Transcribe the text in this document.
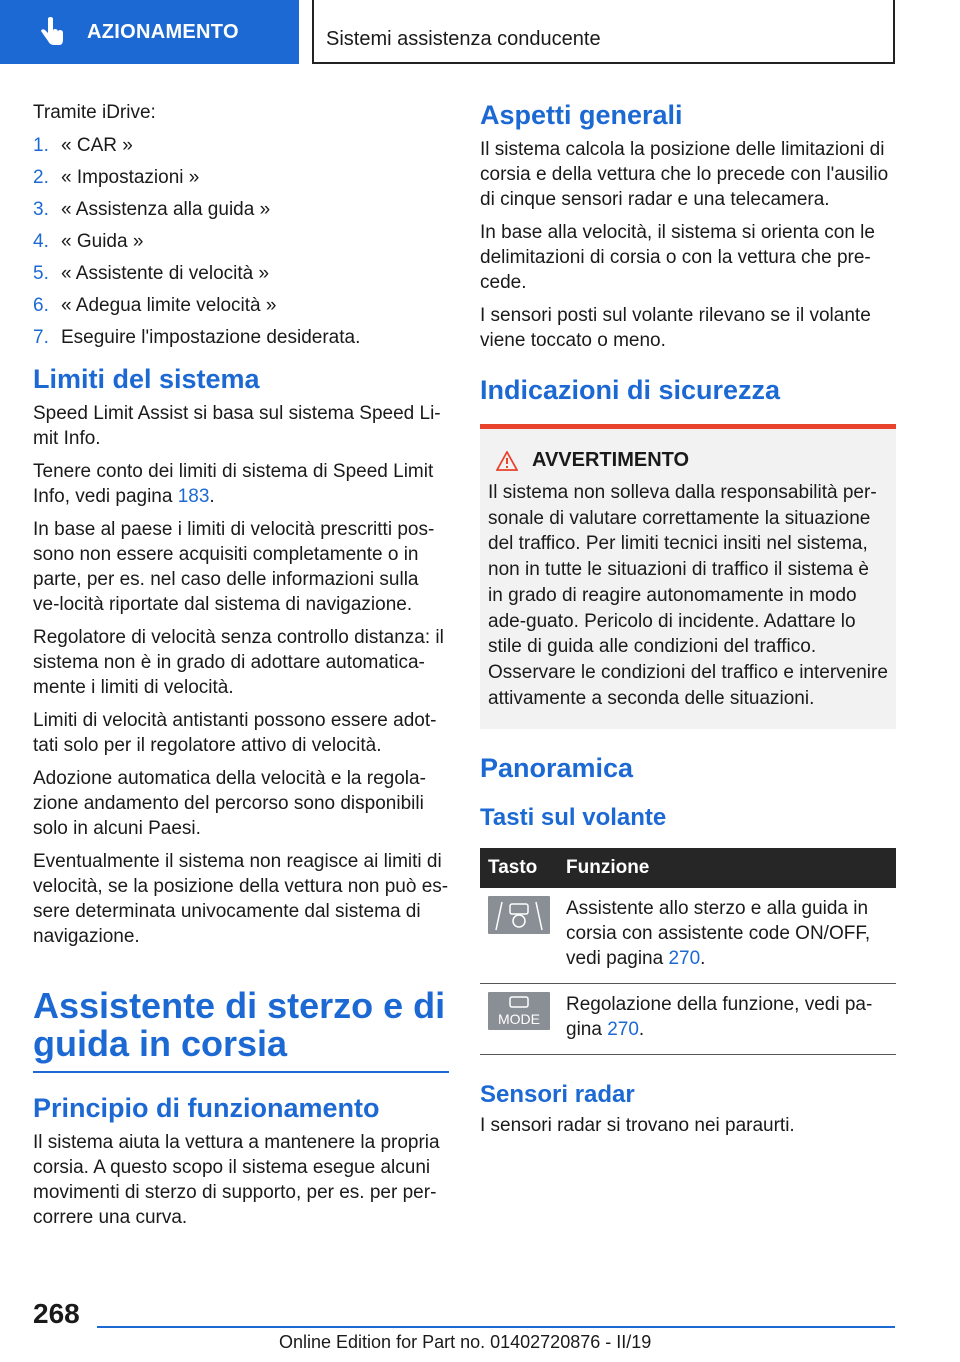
AZIONAMENTO	Sistemi assistenza conducente

Tramite iDrive:

1. « CAR »
2. « Impostazioni »
3. « Assistenza alla guida »
4. « Guida »
5. « Assistente di velocità »
6. « Adegua limite velocità »
7. Eseguire l'impostazione desiderata.
Limiti del sistema

Speed Limit Assist si basa sul sistema Speed Li-mit Info.

Tenere conto dei limiti di sistema di Speed Limit Info, vedi pagina 183.

In base al paese i limiti di velocità prescritti pos-sono non essere acquisiti completamente o in parte, per es. nel caso delle informazioni sulla ve-locità riportate dal sistema di navigazione.

Regolatore di velocità senza controllo distanza: il sistema non è in grado di adottare automatica-mente i limiti di velocità.

Limiti di velocità antistanti possono essere adot-tati solo per il regolatore attivo di velocità.

Adozione automatica della velocità e la regola-zione andamento del percorso sono disponibili solo in alcuni Paesi.

Eventualmente il sistema non reagisce ai limiti di velocità, se la posizione della vettura non può es-sere determinata univocamente dal sistema di navigazione.

Assistente di sterzo e di guida in corsia
Principio di funzionamento

Il sistema aiuta la vettura a mantenere la propria corsia. A questo scopo il sistema esegue alcuni movimenti di sterzo di supporto, per es. per per-correre una curva.

Aspetti generali

Il sistema calcola la posizione delle limitazioni di corsia e della vettura che lo precede con l'ausilio di cinque sensori radar e una telecamera.

In base alla velocità, il sistema si orienta con le delimitazioni di corsia o con la vettura che pre-cede.

I sensori posti sul volante rilevano se il volante viene toccato o meno.

Indicazioni di sicurezza
AVVERTIMENTO

Il sistema non solleva dalla responsabilità per-sonale di valutare correttamente la situazione del traffico. Per limiti tecnici insiti nel sistema, non in tutte le situazioni di traffico il sistema è in grado di reagire autonomamente in modo ade-guato. Pericolo di incidente. Adattare lo stile di guida alle condizioni del traffico. Osservare le condizioni del traffico e intervenire attivamente a seconda delle situazioni.

Panoramica
Tasti sul volante
Tasto	Funzione

	Assistente allo sterzo e alla guida in corsia con assistente code ON/OFF, vedi pagina 270.

MODE	Regolazione della funzione, vedi pa-gina 270.
Sensori radar

I sensori radar si trovano nei paraurti.

268
Online Edition for Part no. 01402720876 - II/19
